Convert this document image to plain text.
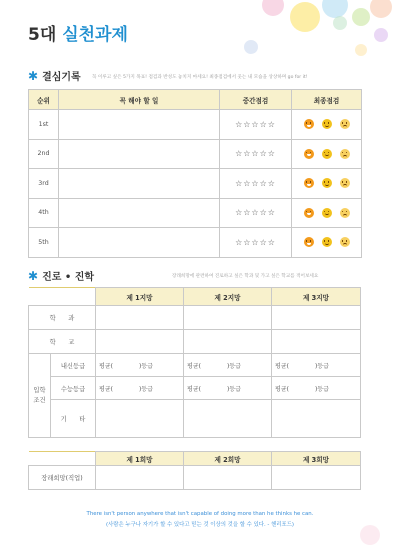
5대 실천과제
✱ 결심기록 꼭 이루고 싶은 5가지 목표! 점검과 반성도 놓치지 마세요! 최종점검에서 웃는 내 모습을 상상하며 go for it!
순위	꼭 해야 할 일	중간점검	최종점검
1st		☆☆☆☆☆	

2nd		☆☆☆☆☆	

3rd		☆☆☆☆☆	

4th		☆☆☆☆☆	

5th		☆☆☆☆☆	
✱ 진로 • 진학	장래희망에 관련하여 진로하고 싶은 학과 및 가고 싶은 학교를 적어보세요
		제 1지망	제 2지망	제 3지망
학　　과				
학　　교				
입학
조건	내신등급	평균( )등급	평균( )등급	평균( )등급
	수능등급	평균( )등급	평균( )등급	평균( )등급
	기　　타			
	제 1희망	제 2희망	제 3희망
장래희망(직업)			
There isn't person anywhere that isn't capable of doing more than he thinks he can.
(사람은 누구나 자기가 할 수 있다고 믿는 것 이상의 것을 할 수 있다. - 헨리포드)
